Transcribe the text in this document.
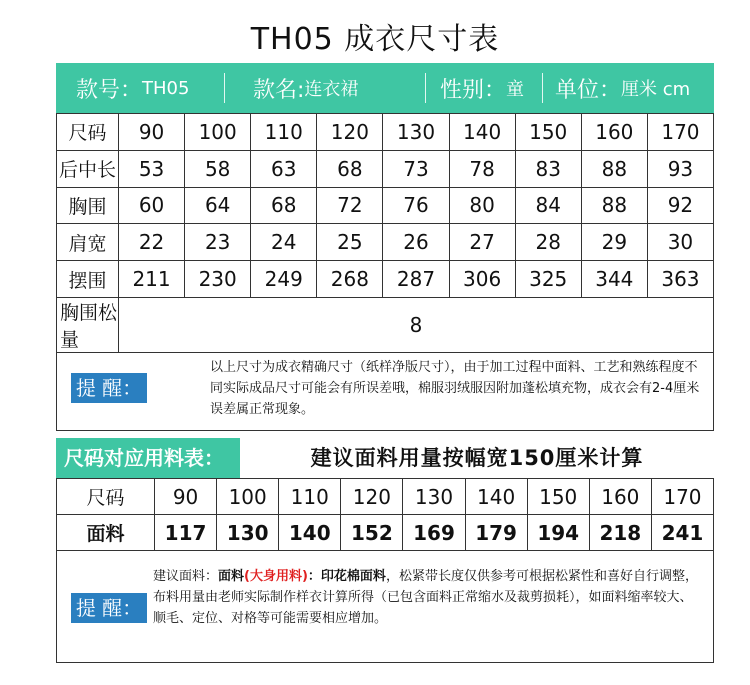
TH05 成衣尺寸表
款号： TH05	款名: 连衣裙	性别： 童 单位： 厘米 cm
尺码	90	100	110	120	130	140	150	160	170
后中长	53	58	63	68	73	78	83	88	93
胸围	60	64	68	72	76	80	84	88	92
肩宽	22	23	24	25	26	27	28	29	30
摆围	211	230	249	268	287	306	325	344	363
胸围松量	8								
提 醒：
以上尺寸为成衣精确尺寸（纸样净版尺寸），由于加工过程中面料、工艺和熟练程度不同实际成品尺寸可能会有所误差哦，棉服羽绒服因附加蓬松填充物，成衣会有2-4厘米误差属正常现象。
尺码对应用料表：	建议面料用量按幅宽150厘米计算
尺码	90	100	110	120	130	140	150	160	170
面料	117	130	140	152	169	179	194	218	241
提 醒：
建议面料：面料(大身用料)：印花棉面料，松紧带长度仅供参考可根据松紧性和喜好自行调整，布料用量由老师实际制作样衣计算所得（已包含面料正常缩水及裁剪损耗），如面料缩率较大、顺毛、定位、对格等可能需要相应增加。
